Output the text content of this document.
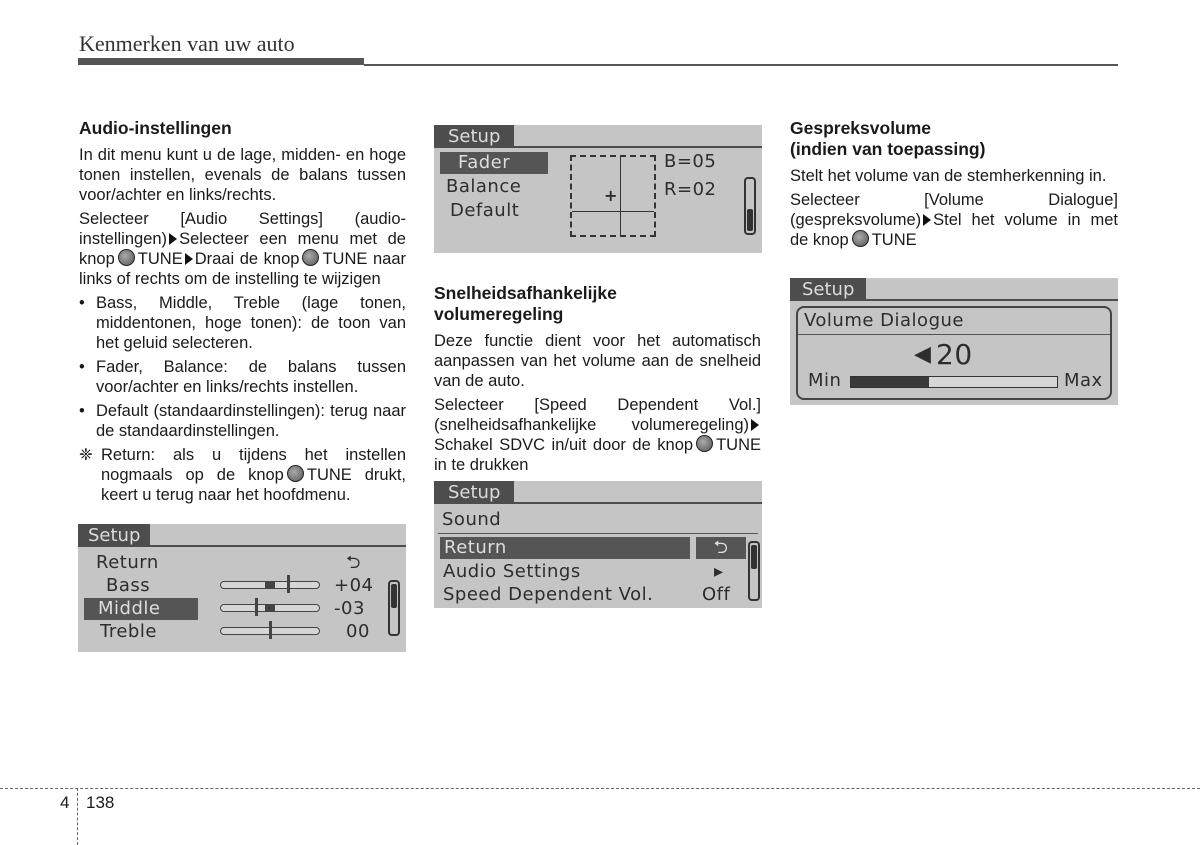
Kenmerken van uw auto
Audio-instellingen

In dit menu kunt u de lage, midden- en hoge tonen instellen, evenals de balans tussen voor/achter en links/rechts.

Selecteer [Audio Settings] (audio-instellingen) Selecteer een menu met de knop TUNE Draai de knop TUNE naar links of rechts om de instelling te wijzigen

• Bass, Middle, Treble (lage tonen, middentonen, hoge tonen): de toon van het geluid selecteren.
• Fader, Balance: de balans tussen voor/achter en links/rechts instellen.
• Default (standaardinstellingen): terug naar de standaardinstellingen.
❈ Return: als u tijdens het instellen nogmaals op de knop TUNE drukt, keert u terug naar het hoofdmenu.
Setup
Return	⮌
Bass	+04
Middle	-03
Treble	00
Setup
Fader
Balance
Default
+
B=05
R=02
Snelheidsafhankelijke volumeregeling

Deze functie dient voor het automatisch aanpassen van het volume aan de snelheid van de auto.

Selecteer [Speed Dependent Vol.] (snelheidsafhankelijke volumeregeling)Schakel SDVC in/uit door de knop TUNE in te drukken

Setup
Sound
Return	⮌
Audio Settings	▸
Speed Dependent Vol.	Off
Gespreksvolume
(indien van toepassing)

Stelt het volume van de stemherkenning in.

Selecteer [Volume Dialogue] (gespreksvolume) Stel het volume in met de knop TUNE

Setup
Volume Dialogue
◀ 20
Min	Max
4 138
